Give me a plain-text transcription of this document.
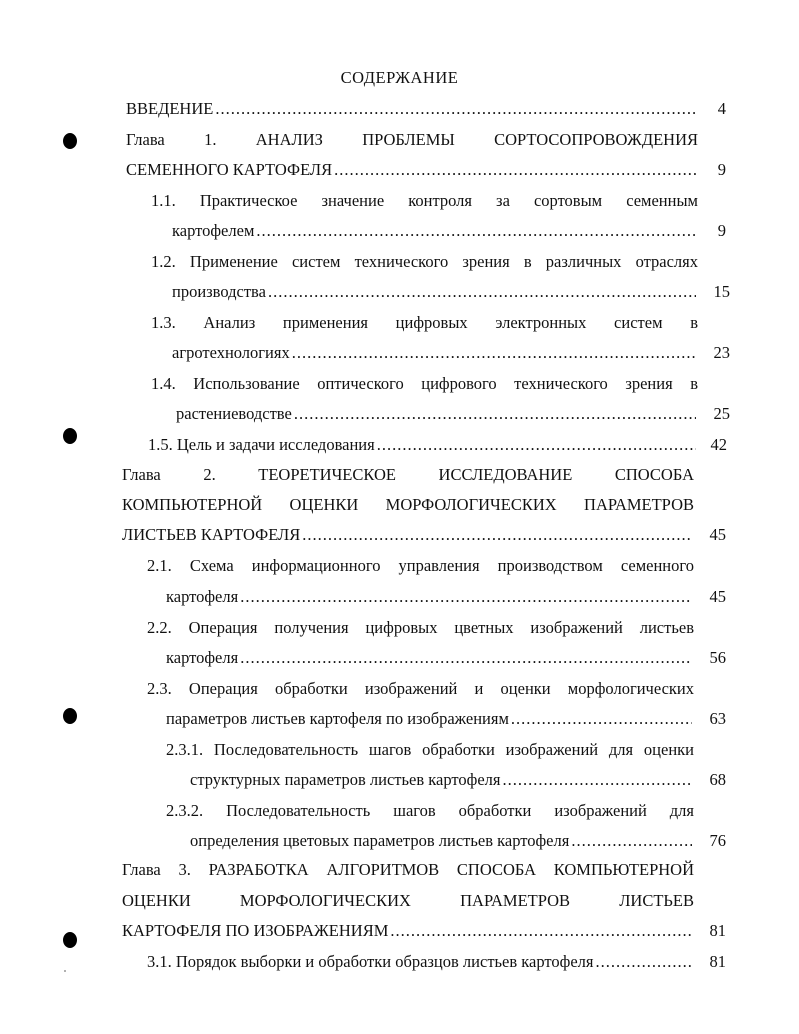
СОДЕРЖАНИЕ
ВВЕДЕНИЕ .....	4
Глава 1. АНАЛИЗ ПРОБЛЕМЫ СОРТОСОПРОВОЖДЕНИЯ
СЕМЕННОГО КАРТОФЕЛЯ .....	9
1.1. Практическое значение контроля за сортовым семенным
картофелем .....	9
1.2. Применение систем технического зрения в различных отраслях
производства .....	15
1.3. Анализ применения цифровых электронных систем в
агротехнологиях .....	23
1.4. Использование оптического цифрового технического зрения в
растениеводстве .....	25
1.5. Цель и задачи исследования .....	42
Глава 2. ТЕОРЕТИЧЕСКОЕ ИССЛЕДОВАНИЕ СПОСОБА
КОМПЬЮТЕРНОЙ ОЦЕНКИ МОРФОЛОГИЧЕСКИХ ПАРАМЕТРОВ
ЛИСТЬЕВ КАРТОФЕЛЯ .....	45
2.1. Схема информационного управления производством семенного
картофеля .....	45
2.2. Операция получения цифровых цветных изображений листьев
картофеля .....	56
2.3. Операция обработки изображений и оценки морфологических
параметров листьев картофеля по изображениям .....	63
2.3.1. Последовательность шагов обработки изображений для оценки
структурных параметров листьев картофеля .....	68
2.3.2. Последовательность шагов обработки изображений для
определения цветовых параметров листьев картофеля .....	76
Глава 3. РАЗРАБОТКА АЛГОРИТМОВ СПОСОБА КОМПЬЮТЕРНОЙ
ОЦЕНКИ МОРФОЛОГИЧЕСКИХ ПАРАМЕТРОВ ЛИСТЬЕВ
КАРТОФЕЛЯ ПО ИЗОБРАЖЕНИЯМ .....	81
3.1. Порядок выборки и обработки образцов листьев картофеля .....	81
